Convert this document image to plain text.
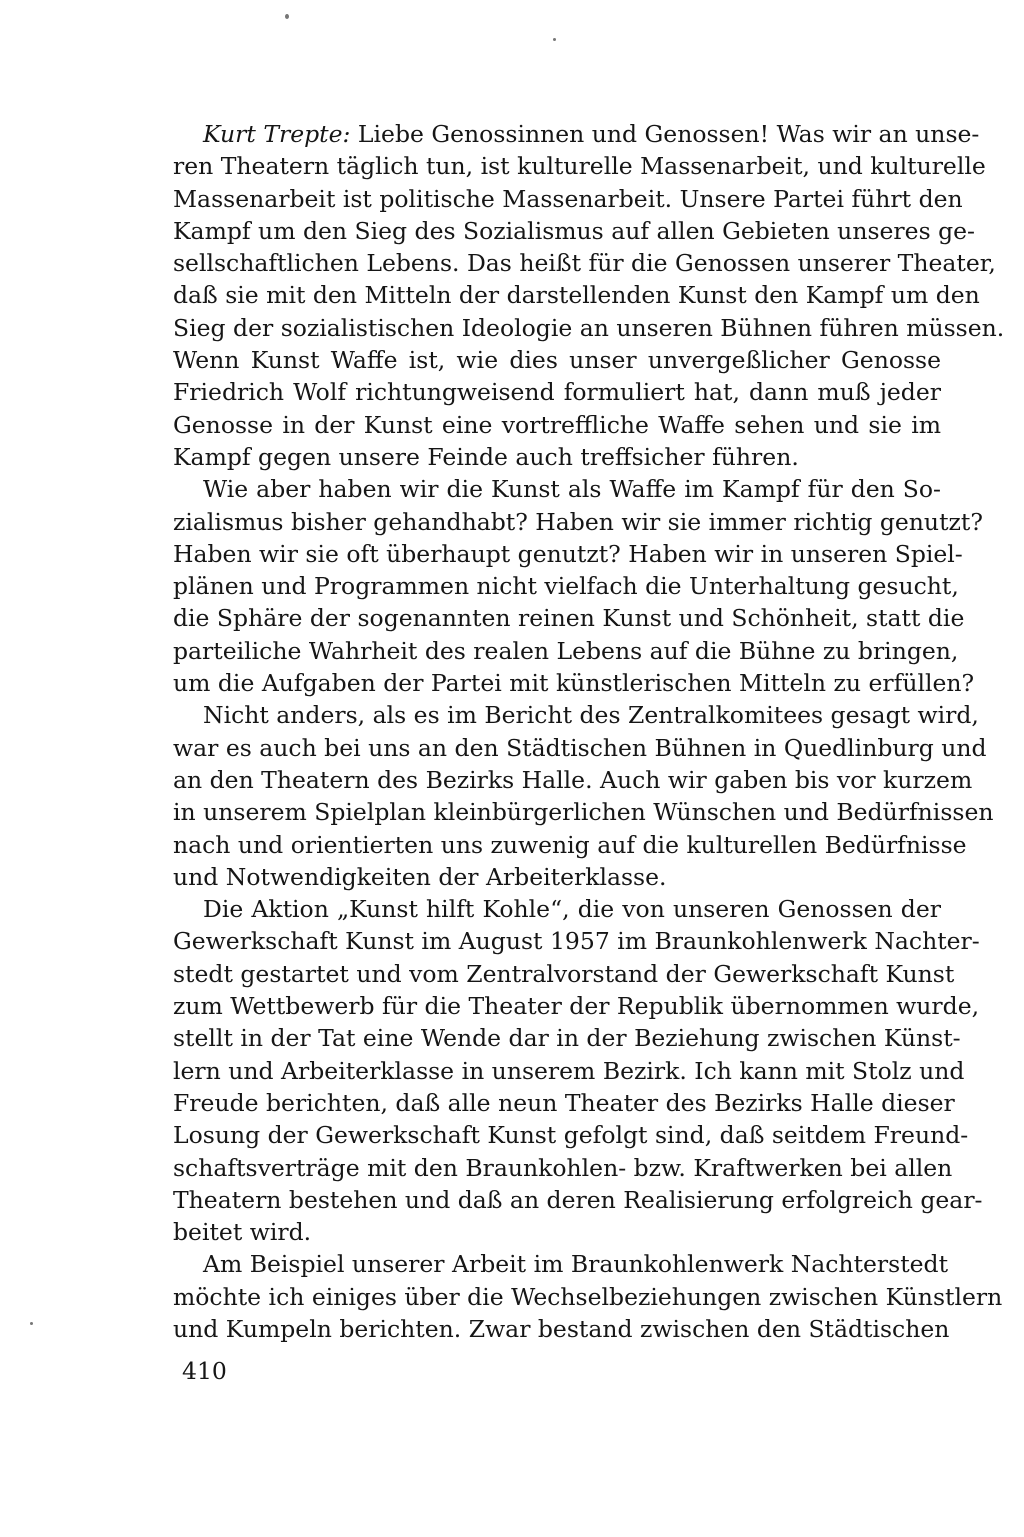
Kurt Trepte: Liebe Genossinnen und Genossen! Was wir an unse-
ren Theatern täglich tun, ist kulturelle Massenarbeit, und kulturelle
Massenarbeit ist politische Massenarbeit. Unsere Partei führt den
Kampf um den Sieg des Sozialismus auf allen Gebieten unseres ge-
sellschaftlichen Lebens. Das heißt für die Genossen unserer Theater,
daß sie mit den Mitteln der darstellenden Kunst den Kampf um den
Sieg der sozialistischen Ideologie an unseren Bühnen führen müssen.
Wenn Kunst Waffe ist, wie dies unser unvergeßlicher Genosse
Friedrich Wolf richtungweisend formuliert hat, dann muß jeder
Genosse in der Kunst eine vortreffliche Waffe sehen und sie im
Kampf gegen unsere Feinde auch treffsicher führen.
Wie aber haben wir die Kunst als Waffe im Kampf für den So-
zialismus bisher gehandhabt? Haben wir sie immer richtig genutzt?
Haben wir sie oft überhaupt genutzt? Haben wir in unseren Spiel-
plänen und Programmen nicht vielfach die Unterhaltung gesucht,
die Sphäre der sogenannten reinen Kunst und Schönheit, statt die
parteiliche Wahrheit des realen Lebens auf die Bühne zu bringen,
um die Aufgaben der Partei mit künstlerischen Mitteln zu erfüllen?
Nicht anders, als es im Bericht des Zentralkomitees gesagt wird,
war es auch bei uns an den Städtischen Bühnen in Quedlinburg und
an den Theatern des Bezirks Halle. Auch wir gaben bis vor kurzem
in unserem Spielplan kleinbürgerlichen Wünschen und Bedürfnissen
nach und orientierten uns zuwenig auf die kulturellen Bedürfnisse
und Notwendigkeiten der Arbeiterklasse.
Die Aktion „Kunst hilft Kohle“, die von unseren Genossen der
Gewerkschaft Kunst im August 1957 im Braunkohlenwerk Nachter-
stedt gestartet und vom Zentralvorstand der Gewerkschaft Kunst
zum Wettbewerb für die Theater der Republik übernommen wurde,
stellt in der Tat eine Wende dar in der Beziehung zwischen Künst-
lern und Arbeiterklasse in unserem Bezirk. Ich kann mit Stolz und
Freude berichten, daß alle neun Theater des Bezirks Halle dieser
Losung der Gewerkschaft Kunst gefolgt sind, daß seitdem Freund-
schaftsverträge mit den Braunkohlen- bzw. Kraftwerken bei allen
Theatern bestehen und daß an deren Realisierung erfolgreich gear-
beitet wird.
Am Beispiel unserer Arbeit im Braunkohlenwerk Nachterstedt
möchte ich einiges über die Wechselbeziehungen zwischen Künstlern
und Kumpeln berichten. Zwar bestand zwischen den Städtischen
410
